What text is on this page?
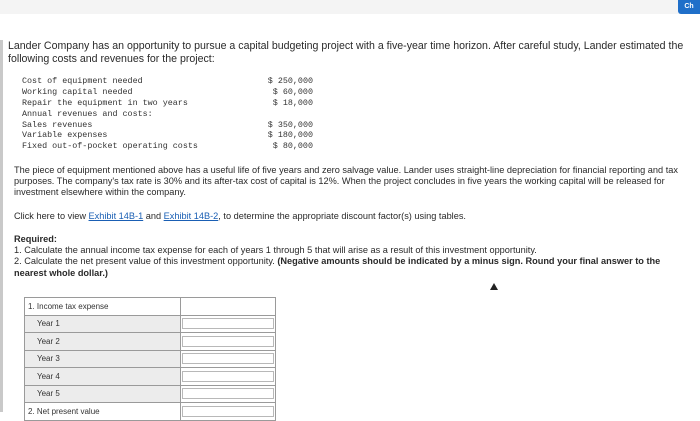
Ch
Lander Company has an opportunity to pursue a capital budgeting project with a five-year time horizon. After careful study, Lander estimated the following costs and revenues for the project:
Cost of equipment needed	$ 250,000
Working capital needed	$ 60,000
Repair the equipment in two years	$ 18,000
Annual revenues and costs:
Sales revenues	$ 350,000
Variable expenses	$ 180,000
Fixed out-of-pocket operating costs	$ 80,000
The piece of equipment mentioned above has a useful life of five years and zero salvage value. Lander uses straight-line depreciation for financial reporting and tax purposes. The company's tax rate is 30% and its after-tax cost of capital is 12%. When the project concludes in five years the working capital will be released for investment elsewhere within the company.
Click here to view Exhibit 14B-1 and Exhibit 14B-2, to determine the appropriate discount factor(s) using tables.
Required:
1. Calculate the annual income tax expense for each of years 1 through 5 that will arise as a result of this investment opportunity.
2. Calculate the net present value of this investment opportunity. (Negative amounts should be indicated by a minus sign. Round your final answer to the nearest whole dollar.)
1. Income tax expense	
Year 1	
Year 2	
Year 3	
Year 4	
Year 5	
2. Net present value	
